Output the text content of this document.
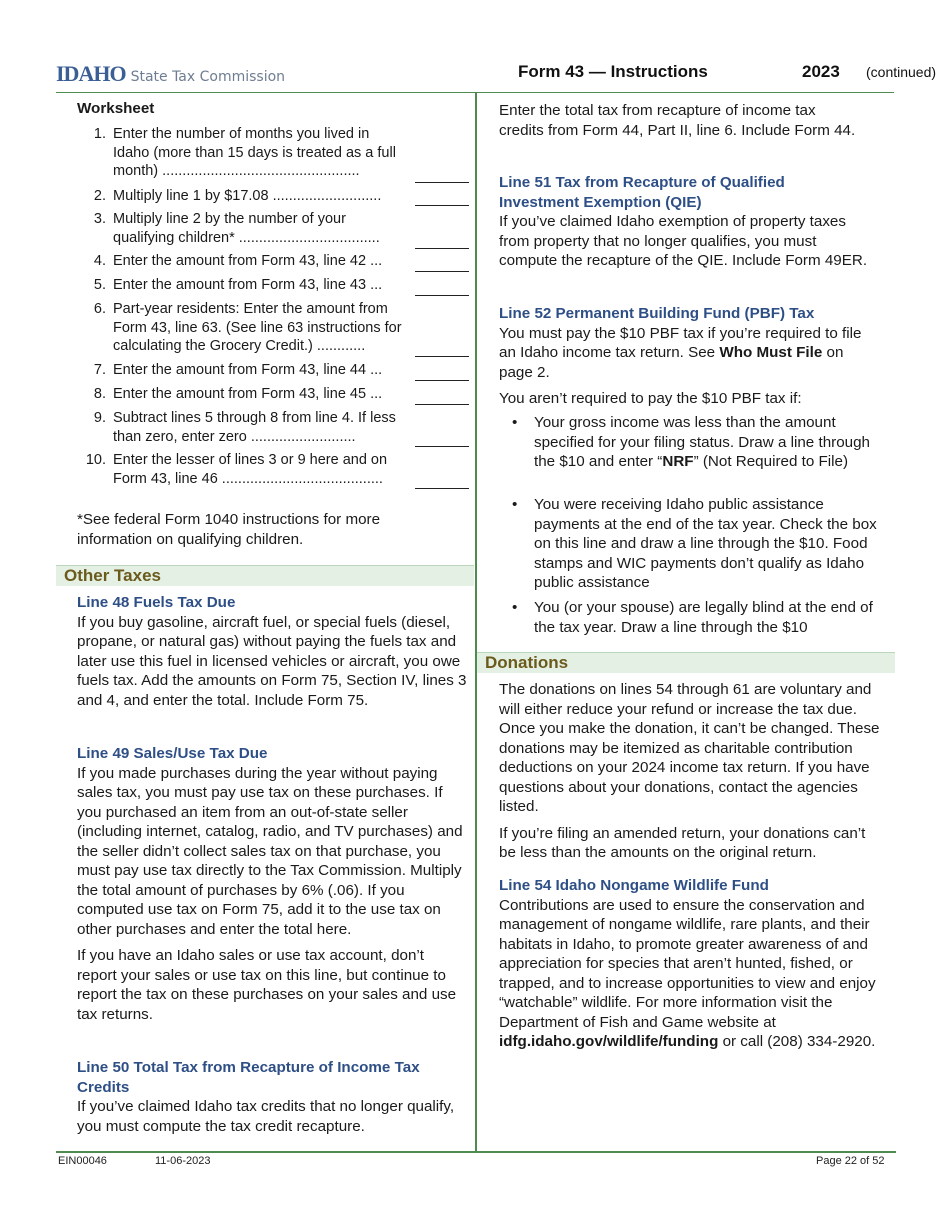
IDAHO State Tax Commission	Form 43 — Instructions	2023 (continued)
Worksheet
1. Enter the number of months you lived in Idaho (more than 15 days is treated as a full month) .................................................
2. Multiply line 1 by $17.08 ...........................
3. Multiply line 2 by the number of your qualifying children* ...................................
4. Enter the amount from Form 43, line 42 ...
5. Enter the amount from Form 43, line 43 ...
6. Part-year residents: Enter the amount from Form 43, line 63. (See line 63 instructions for calculating the Grocery Credit.) ............
7. Enter the amount from Form 43, line 44 ...
8. Enter the amount from Form 43, line 45 ...
9. Subtract lines 5 through 8 from line 4. If less than zero, enter zero ..........................
10. Enter the lesser of lines 3 or 9 here and on Form 43, line 46 ........................................
*See federal Form 1040 instructions for more information on qualifying children.
Other Taxes

Line 48 Fuels Tax Due

If you buy gasoline, aircraft fuel, or special fuels (diesel, propane, or natural gas) without paying the fuels tax and later use this fuel in licensed vehicles or aircraft, you owe fuels tax. Add the amounts on Form 75, Section IV, lines 3 and 4, and enter the total. Include Form 75.

Line 49 Sales/Use Tax Due

If you made purchases during the year without paying sales tax, you must pay use tax on these purchases. If you purchased an item from an out-of-state seller (including internet, catalog, radio, and TV purchases) and the seller didn’t collect sales tax on that purchase, you must pay use tax directly to the Tax Commission. Multiply the total amount of purchases by 6% (.06). If you computed use tax on Form 75, add it to the use tax on other purchases and enter the total here.

If you have an Idaho sales or use tax account, don’t report your sales or use tax on this line, but continue to report the tax on these purchases on your sales and use tax returns.

Line 50 Total Tax from Recapture of Income Tax Credits

If you’ve claimed Idaho tax credits that no longer qualify, you must compute the tax credit recapture.

Enter the total tax from recapture of income tax credits from Form 44, Part II, line 6. Include Form 44.

Line 51 Tax from Recapture of Qualified Investment Exemption (QIE)

If you’ve claimed Idaho exemption of property taxes from property that no longer qualifies, you must compute the recapture of the QIE. Include Form 49ER.

Line 52 Permanent Building Fund (PBF) Tax

You must pay the $10 PBF tax if you’re required to file an Idaho income tax return. See Who Must File on page 2.

You aren’t required to pay the $10 PBF tax if:

• Your gross income was less than the amount specified for your filing status. Draw a line through the $10 and enter “NRF” (Not Required to File)
• You were receiving Idaho public assistance payments at the end of the tax year. Check the box on this line and draw a line through the $10. Food stamps and WIC payments don’t qualify as Idaho public assistance
• You (or your spouse) are legally blind at the end of the tax year. Draw a line through the $10
Donations

The donations on lines 54 through 61 are voluntary and will either reduce your refund or increase the tax due. Once you make the donation, it can’t be changed. These donations may be itemized as charitable contribution deductions on your 2024 income tax return. If you have questions about your donations, contact the agencies listed.

If you’re filing an amended return, your donations can’t be less than the amounts on the original return.

Line 54 Idaho Nongame Wildlife Fund

Contributions are used to ensure the conservation and management of nongame wildlife, rare plants, and their habitats in Idaho, to promote greater awareness of and appreciation for species that aren’t hunted, fished, or trapped, and to increase opportunities to view and enjoy “watchable” wildlife. For more information visit the Department of Fish and Game website at idfg.idaho.gov/wildlife/funding or call (208) 334-2920.

EIN00046	11-06-2023	Page 22 of 52
